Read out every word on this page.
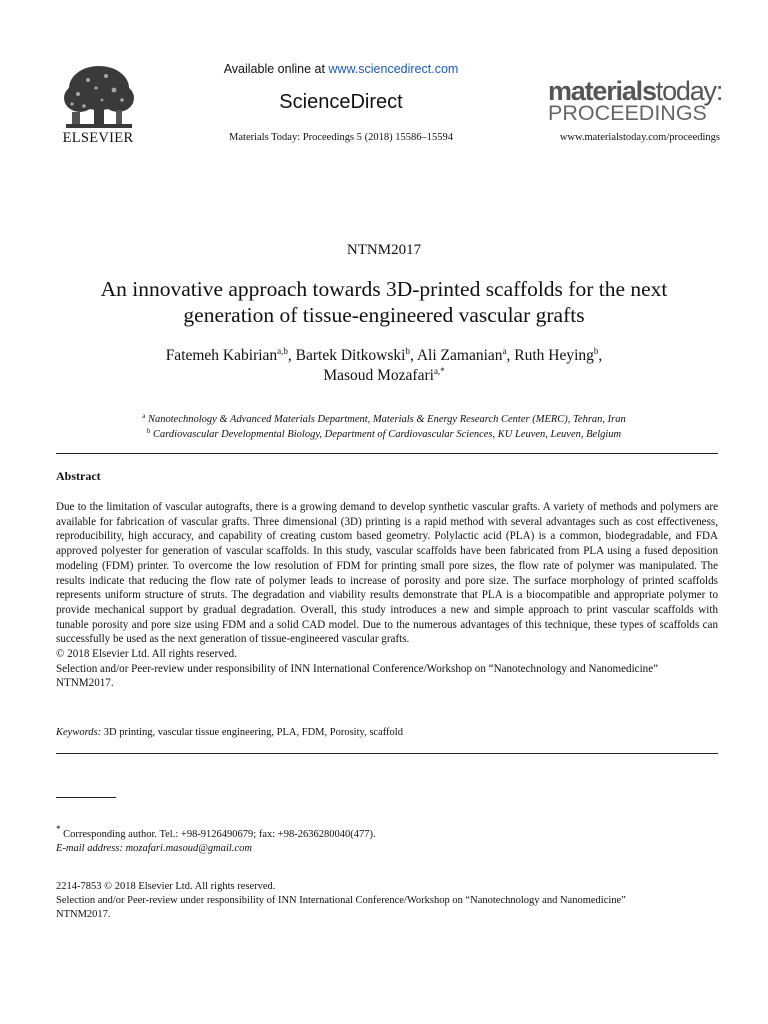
ELSEVIER
Available online at www.sciencedirect.com
ScienceDirect
Materials Today: Proceedings 5 (2018) 15586–15594
materialstoday:
PROCEEDINGS
www.materialstoday.com/proceedings
NTNM2017
An innovative approach towards 3D-printed scaffolds for the next
generation of tissue-engineered vascular grafts
Fatemeh Kabirian$^{a,b}$, Bartek Ditkowski$^b$, Ali Zamanian$^a$, Ruth Heying$^b$,
Masoud Mozafari$^{a,*}$
$^a$ Nanotechnology & Advanced Materials Department, Materials & Energy Research Center (MERC), Tehran, Iran
$^b$ Cardiovascular Developmental Biology, Department of Cardiovascular Sciences, KU Leuven, Leuven, Belgium
Abstract
Due to the limitation of vascular autografts, there is a growing demand to develop synthetic vascular grafts. A variety of methods and polymers are available for fabrication of vascular grafts. Three dimensional (3D) printing is a rapid method with several advantages such as cost effectiveness, reproducibility, high accuracy, and capability of creating custom based geometry. Polylactic acid (PLA) is a common, biodegradable, and FDA approved polyester for generation of vascular scaffolds. In this study, vascular scaffolds have been fabricated from PLA using a fused deposition modeling (FDM) printer. To overcome the low resolution of FDM for printing small pore sizes, the flow rate of polymer was manipulated. The results indicate that reducing the flow rate of polymer leads to increase of porosity and pore size. The surface morphology of printed scaffolds represents uniform structure of struts. The degradation and viability results demonstrate that PLA is a biocompatible and appropriate polymer to provide mechanical support by gradual degradation. Overall, this study introduces a new and simple approach to print vascular scaffolds with tunable porosity and pore size using FDM and a solid CAD model. Due to the numerous advantages of this technique, these types of scaffolds can successfully be used as the next generation of tissue-engineered vascular grafts.
© 2018 Elsevier Ltd. All rights reserved.
Selection and/or Peer-review under responsibility of INN International Conference/Workshop on “Nanotechnology and Nanomedicine”
NTNM2017.
Keywords: 3D printing, vascular tissue engineering, PLA, FDM, Porosity, scaffold
* Corresponding author. Tel.: +98-9126490679; fax: +98-2636280040(477).
E-mail address: mozafari.masoud@gmail.com
2214-7853 © 2018 Elsevier Ltd. All rights reserved.
Selection and/or Peer-review under responsibility of INN International Conference/Workshop on “Nanotechnology and Nanomedicine”
NTNM2017.
